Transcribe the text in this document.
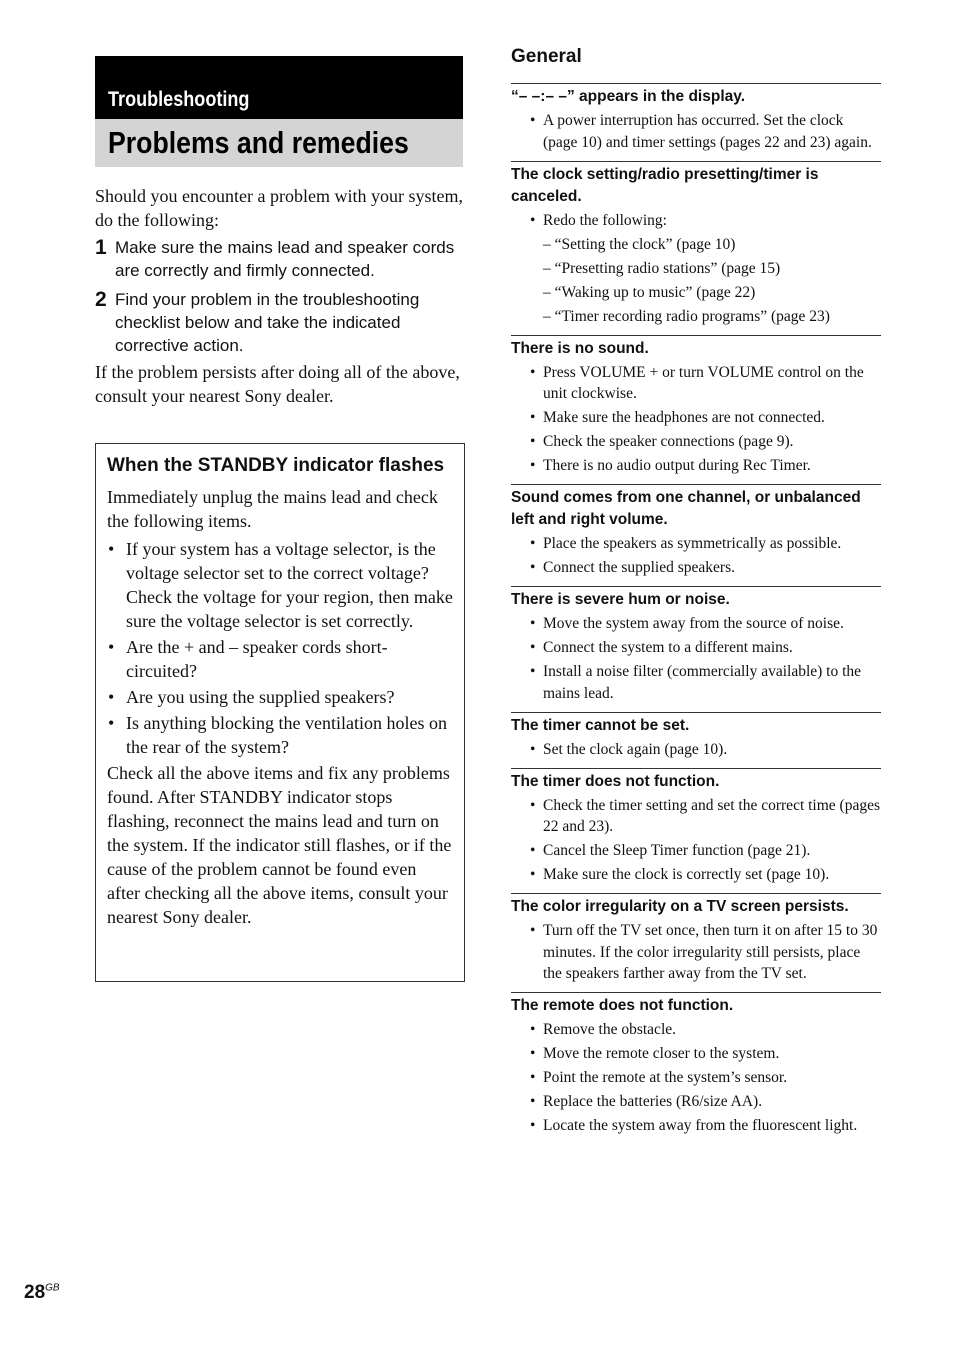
Troubleshooting
Problems and remedies

Should you encounter a problem with your system, do the following:

1 Make sure the mains lead and speaker cords are correctly and firmly connected.
2 Find your problem in the troubleshooting checklist below and take the indicated corrective action.

If the problem persists after doing all of the above, consult your nearest Sony dealer.

When the STANDBY indicator flashes

Immediately unplug the mains lead and check the following items.

• If your system has a voltage selector, is the voltage selector set to the correct voltage? Check the voltage for your region, then make sure the voltage selector is set correctly.
• Are the + and – speaker cords short-circuited?
• Are you using the supplied speakers?
• Is anything blocking the ventilation holes on the rear of the system?

Check all the above items and fix any problems found. After STANDBY indicator stops flashing, reconnect the mains lead and turn on the system. If the indicator still flashes, or if the cause of the problem cannot be found even after checking all the above items, consult your nearest Sony dealer.

General
“– –:– –” appears in the display.
• A power interruption has occurred. Set the clock (page 10) and timer settings (pages 22 and 23) again.
The clock setting/radio presetting/timer is canceled.
• Redo the following:
– “Setting the clock” (page 10)
– “Presetting radio stations” (page 15)
– “Waking up to music” (page 22)
– “Timer recording radio programs” (page 23)
There is no sound.
• Press VOLUME + or turn VOLUME control on the unit clockwise.
• Make sure the headphones are not connected.
• Check the speaker connections (page 9).
• There is no audio output during Rec Timer.
Sound comes from one channel, or unbalanced left and right volume.
• Place the speakers as symmetrically as possible.
• Connect the supplied speakers.
There is severe hum or noise.
• Move the system away from the source of noise.
• Connect the system to a different mains.
• Install a noise filter (commercially available) to the mains lead.
The timer cannot be set.
• Set the clock again (page 10).
The timer does not function.
• Check the timer setting and set the correct time (pages 22 and 23).
• Cancel the Sleep Timer function (page 21).
• Make sure the clock is correctly set (page 10).
The color irregularity on a TV screen persists.
• Turn off the TV set once, then turn it on after 15 to 30 minutes. If the color irregularity still persists, place the speakers farther away from the TV set.
The remote does not function.
• Remove the obstacle.
• Move the remote closer to the system.
• Point the remote at the system’s sensor.
• Replace the batteries (R6/size AA).
• Locate the system away from the fluorescent light.
$28^{GB}$
